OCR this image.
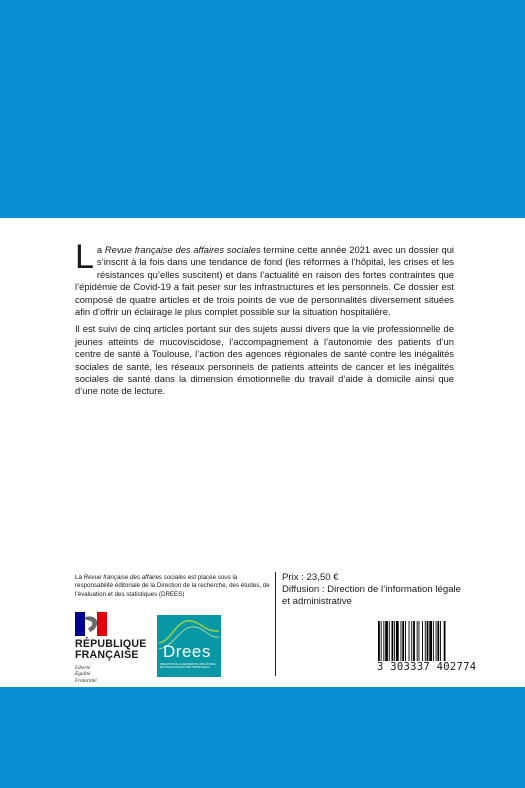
La Revue française des affaires sociales termine cette année 2021 avec un dossier qui s’inscrit à la fois dans une tendance de fond (les réformes à l’hôpital, les crises et les résistances qu’elles suscitent) et dans l’actualité en raison des fortes contraintes que l’épidémie de Covid-19 a fait peser sur les infrastructures et les personnels. Ce dossier est composé de quatre articles et de trois points de vue de personnalités diversement situées afin d’offrir un éclairage le plus complet possible sur la situation hospitalière.

Il est suivi de cinq articles portant sur des sujets aussi divers que la vie professionnelle de jeunes atteints de mucoviscidose, l’accompagnement à l’autonomie des patients d’un centre de santé à Toulouse, l’action des agences régionales de santé contre les inégalités sociales de santé, les réseaux personnels de patients atteints de cancer et les inégalités sociales de santé dans la dimension émotionnelle du travail d’aide à domicile ainsi que d’une note de lecture.

La Revue française des affaires sociales est placée sous la responsabilité éditoriale de la Direction de la recherche, des études, de l’évaluation et des statistiques (DREES)
Prix : 23,50 €
Diffusion : Direction de l’information légale et administrative
RÉPUBLIQUE
FRANÇAISE
Liberté
Égalité
Fraternité
Drees
DIRECTION DE LA RECHERCHE, DES ÉTUDES, DE L’ÉVALUATION ET DES STATISTIQUES	3 303337 402774
